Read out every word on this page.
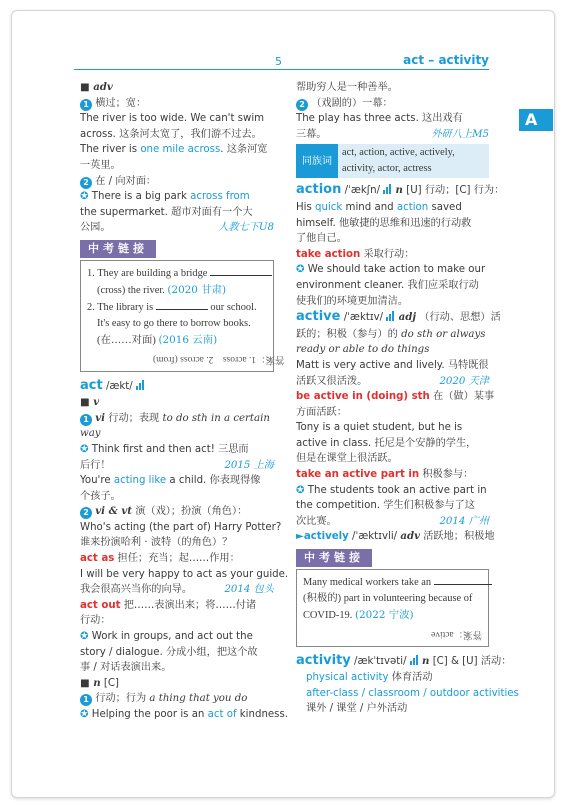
5	act – activity
A
■ adv
1 横过；宽：
The river is too wide. We can't swim
across. 这条河太宽了，我们游不过去。
The river is one mile across. 这条河宽
一英里。
2 在 / 向对面：
✪ There is a big park across from
the supermarket. 超市对面有一个大
公园。	人教七下U8
中考链接
1. They are building a bridge
(cross) the river. (2020 甘肃)
2. The library is	our school.
It's easy to go there to borrow books.
(在……对面) (2016 云南)
答案：1. across　2. across (from)
act /ækt/
■ v
1 vi 行动；表现 to do sth in a certain
way
✪ Think first and then act! 三思而
后行！	2015 上海
You're acting like a child. 你表现得像
个孩子。
2 vi & vt 演（戏）；扮演（角色）：
Who's acting (the part of) Harry Potter?
谁来扮演哈利 · 波特（的角色）？
act as 担任；充当；起……作用：
I will be very happy to act as your guide.
我会很高兴当你的向导。	2014 包头
act out 把……表演出来；将……付诸
行动：
✪ Work in groups, and act out the
story / dialogue. 分成小组，把这个故
事 / 对话表演出来。
■ n [C]
1 行动；行为 a thing that you do
✪ Helping the poor is an act of kindness.
帮助穷人是一种善举。
2 （戏剧的）一幕：
The play has three acts. 这出戏有
三幕。	外研八上M5
同族词
act, action, active, actively, activity, actor, actress
action /ˈækʃn/ n [U] 行动；[C] 行为：
His quick mind and action saved
himself. 他敏捷的思维和迅速的行动救
了他自己。
take action 采取行动：
✪ We should take action to make our
environment cleaner. 我们应采取行动
使我们的环境更加清洁。
active /ˈæktɪv/ adj （行动、思想）活
跃的；积极（参与）的 do sth or always
ready or able to do things
Matt is very active and lively. 马特既很
活跃又很活泼。	2020 天津
be active in (doing) sth 在（做）某事
方面活跃：
Tony is a quiet student, but he is
active in class. 托尼是个安静的学生，
但是在课堂上很活跃。
take an active part in 积极参与：
✪ The students took an active part in
the competition. 学生们积极参与了这
次比赛。	2014 广州
►actively /ˈæktɪvli/ adv 活跃地；积极地
中考链接
Many medical workers take an
(积极的) part in volunteering because of
COVID-19. (2022 宁波)
答案：active
activity /ækˈtɪvəti/ n [C] & [U] 活动：
physical activity 体育活动
after-class / classroom / outdoor activities
课外 / 课堂 / 户外活动
